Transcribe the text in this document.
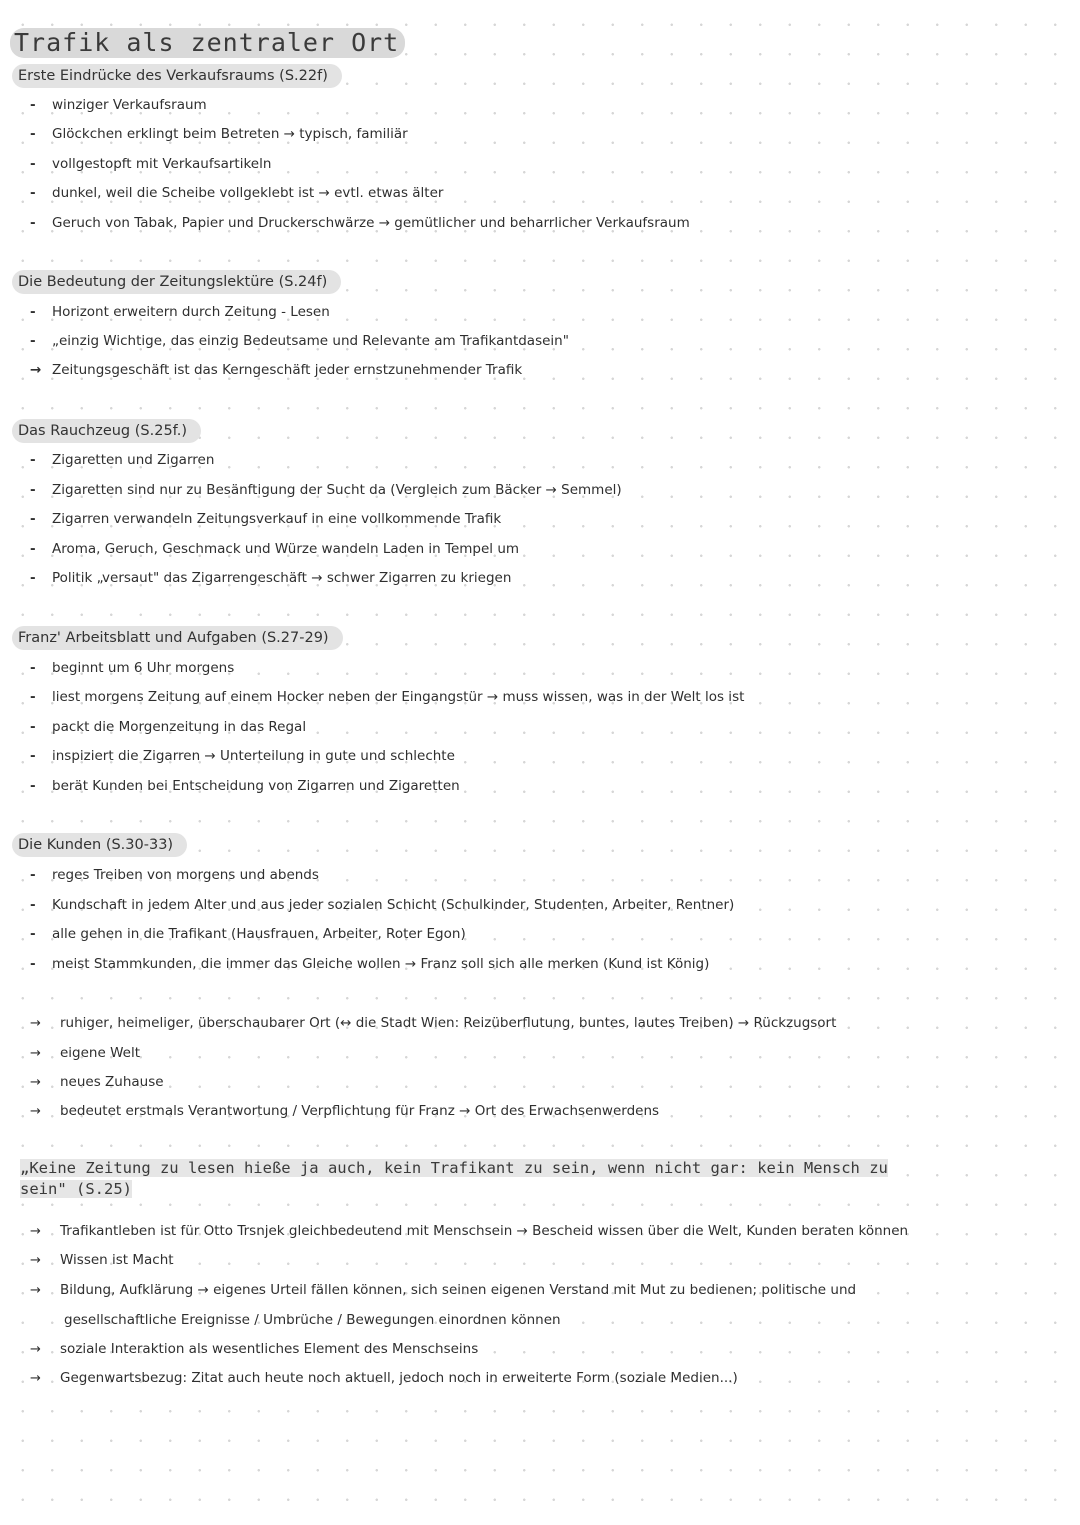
Trafik als zentraler Ort
Erste Eindrücke des Verkaufsraums (S.22f)
- winziger Verkaufsraum
- Glöckchen erklingt beim Betreten → typisch, familiär
- vollgestopft mit Verkaufsartikeln
- dunkel, weil die Scheibe vollgeklebt ist → evtl. etwas älter
- Geruch von Tabak, Papier und Druckerschwärze → gemütlicher und beharrlicher Verkaufsraum
Die Bedeutung der Zeitungslektüre (S.24f)
- Horizont erweitern durch Zeitung - Lesen
- „einzig Wichtige, das einzig Bedeutsame und Relevante am Trafikantdasein"
→ Zeitungsgeschäft ist das Kerngeschäft jeder ernstzunehmender Trafik
Das Rauchzeug (S.25f.)
- Zigaretten und Zigarren
- Zigaretten sind nur zu Besänftigung der Sucht da (Vergleich zum Bäcker → Semmel)
- Zigarren verwandeln Zeitungsverkauf in eine vollkommende Trafik
- Aroma, Geruch, Geschmack und Würze wandeln Laden in Tempel um
- Politik „versaut" das Zigarrengeschäft → schwer Zigarren zu kriegen
Franz' Arbeitsblatt und Aufgaben (S.27-29)
- beginnt um 6 Uhr morgens
- liest morgens Zeitung auf einem Hocker neben der Eingangstür → muss wissen, was in der Welt los ist
- packt die Morgenzeitung in das Regal
- inspiziert die Zigarren → Unterteilung in gute und schlechte
- berät Kunden bei Entscheidung von Zigarren und Zigaretten
Die Kunden (S.30-33)
- reges Treiben von morgens und abends
- Kundschaft in jedem Alter und aus jeder sozialen Schicht (Schulkinder, Studenten, Arbeiter, Rentner)
- alle gehen in die Trafikant (Hausfrauen, Arbeiter, Roter Egon)
- meist Stammkunden, die immer das Gleiche wollen → Franz soll sich alle merken (Kund ist König)
→ ruhiger, heimeliger, überschaubarer Ort (↔ die Stadt Wien: Reizüberflutung, buntes, lautes Treiben) → Rückzugsort
→ eigene Welt
→ neues Zuhause
→ bedeutet erstmals Verantwortung / Verpflichtung für Franz → Ort des Erwachsenwerdens
„Keine Zeitung zu lesen hieße ja auch, kein Trafikant zu sein, wenn nicht gar: kein Mensch zu
sein" (S.25)
→ Trafikantleben ist für Otto Trsnjek gleichbedeutend mit Menschsein → Bescheid wissen über die Welt, Kunden beraten können
→ Wissen ist Macht
→ Bildung, Aufklärung → eigenes Urteil fällen können, sich seinen eigenen Verstand mit Mut zu bedienen; politische und
gesellschaftliche Ereignisse / Umbrüche / Bewegungen einordnen können
→ soziale Interaktion als wesentliches Element des Menschseins
→ Gegenwartsbezug: Zitat auch heute noch aktuell, jedoch noch in erweiterte Form (soziale Medien...)
